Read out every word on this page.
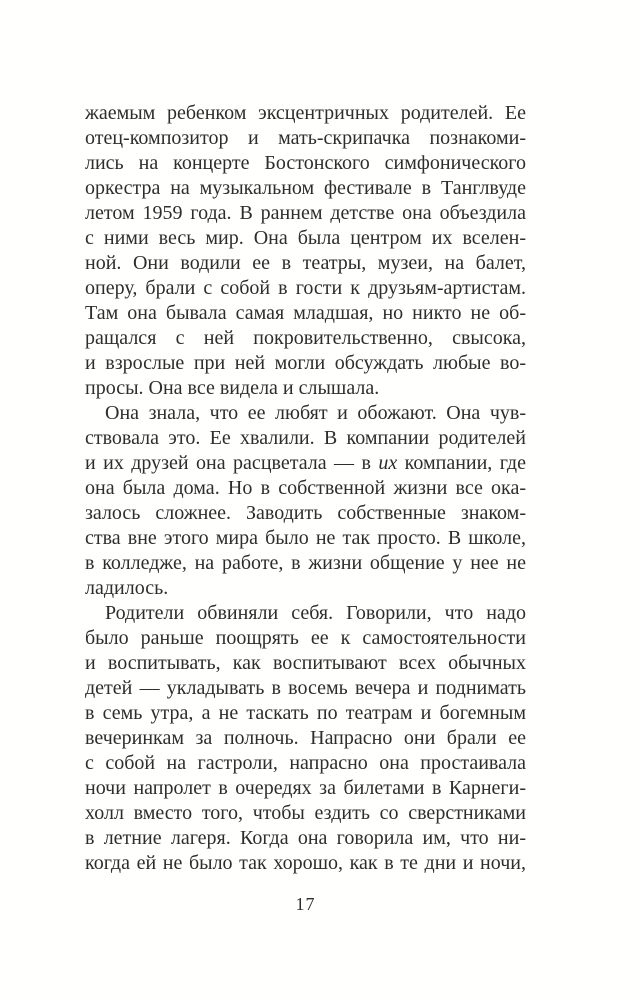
жаемым ребенком эксцентричных родителей. Ее
отец-композитор и мать-скрипачка познакоми-
лись на концерте Бостонского симфонического
оркестра на музыкальном фестивале в Танглвуде
летом 1959 года. В раннем детстве она объездила
с ними весь мир. Она была центром их вселен-
ной. Они водили ее в театры, музеи, на балет,
оперу, брали с собой в гости к друзьям-артистам.
Там она бывала самая младшая, но никто не об-
ращался с ней покровительственно, свысока,
и взрослые при ней могли обсуждать любые во-
просы. Она все видела и слышала.
Она знала, что ее любят и обожают. Она чув-
ствовала это. Ее хвалили. В компании родителей
и их друзей она расцветала — в их компании, где
она была дома. Но в собственной жизни все ока-
залось сложнее. Заводить собственные знаком-
ства вне этого мира было не так просто. В школе,
в колледже, на работе, в жизни общение у нее не
ладилось.
Родители обвиняли себя. Говорили, что надо
было раньше поощрять ее к самостоятельности
и воспитывать, как воспитывают всех обычных
детей — укладывать в восемь вечера и поднимать
в семь утра, а не таскать по театрам и богемным
вечеринкам за полночь. Напрасно они брали ее
с собой на гастроли, напрасно она простаивала
ночи напролет в очередях за билетами в Карнеги-
холл вместо того, чтобы ездить со сверстниками
в летние лагеря. Когда она говорила им, что ни-
когда ей не было так хорошо, как в те дни и ночи,
17
